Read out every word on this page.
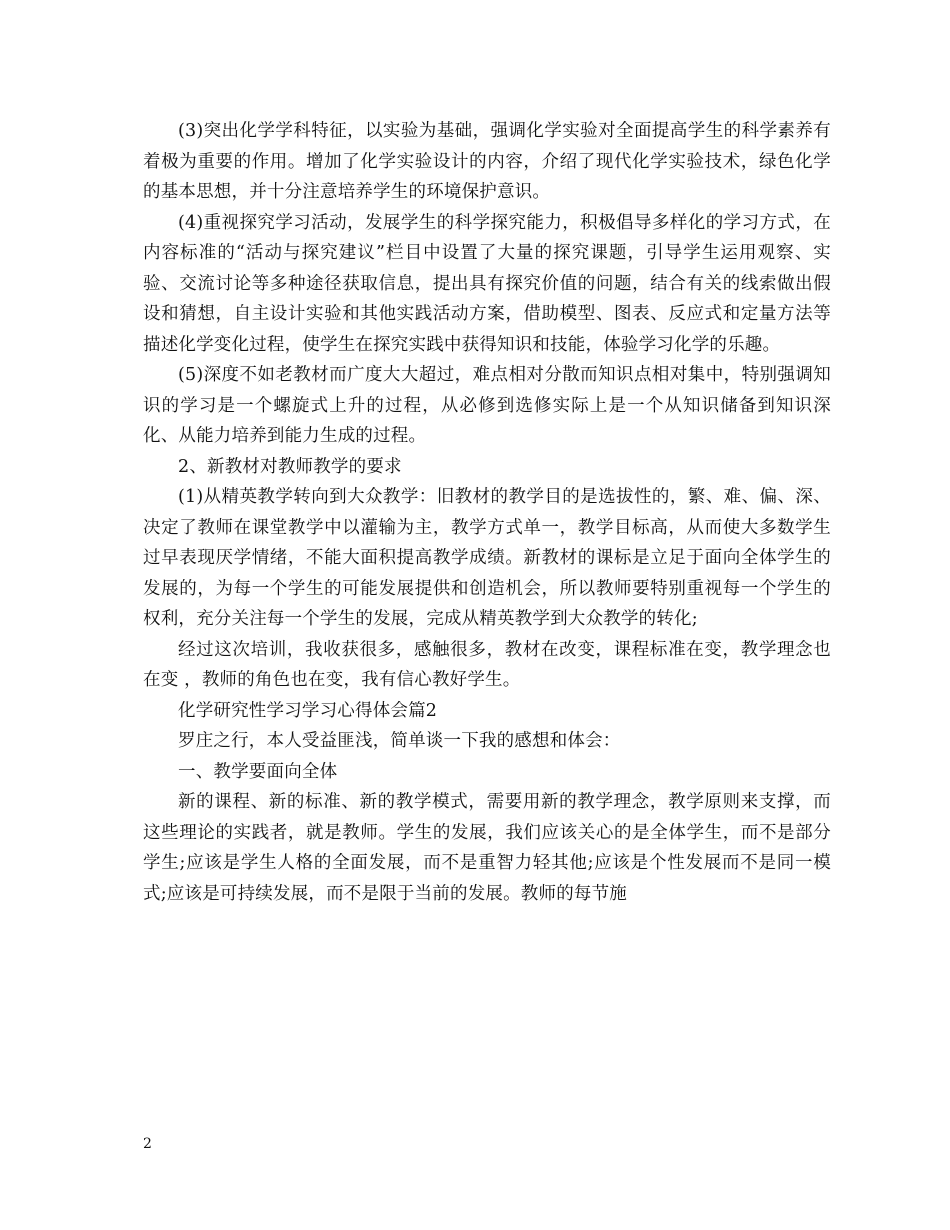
(3)突出化学学科特征，以实验为基础，强调化学实验对全面提高学生的科学素养有着极为重要的作用。增加了化学实验设计的内容，介绍了现代化学实验技术，绿色化学的基本思想，并十分注意培养学生的环境保护意识。

(4)重视探究学习活动，发展学生的科学探究能力，积极倡导多样化的学习方式，在内容标准的“活动与探究建议”栏目中设置了大量的探究课题，引导学生运用观察、实验、交流讨论等多种途径获取信息，提出具有探究价值的问题，结合有关的线索做出假设和猜想，自主设计实验和其他实践活动方案，借助模型、图表、反应式和定量方法等描述化学变化过程，使学生在探究实践中获得知识和技能，体验学习化学的乐趣。

(5)深度不如老教材而广度大大超过，难点相对分散而知识点相对集中，特别强调知识的学习是一个螺旋式上升的过程，从必修到选修实际上是一个从知识储备到知识深化、从能力培养到能力生成的过程。

2、新教材对教师教学的要求

(1)从精英教学转向到大众教学：旧教材的教学目的是选拔性的，繁、难、偏、深、决定了教师在课堂教学中以灌输为主，教学方式单一，教学目标高，从而使大多数学生过早表现厌学情绪，不能大面积提高教学成绩。新教材的课标是立足于面向全体学生的发展的，为每一个学生的可能发展提供和创造机会，所以教师要特别重视每一个学生的权利，充分关注每一个学生的发展，完成从精英教学到大众教学的转化;

经过这次培训，我收获很多，感触很多，教材在改变，课程标准在变，教学理念也在变 ，教师的角色也在变，我有信心教好学生。

化学研究性学习学习心得体会篇2

罗庄之行，本人受益匪浅，简单谈一下我的感想和体会：

一、教学要面向全体

新的课程、新的标准、新的教学模式，需要用新的教学理念，教学原则来支撑，而这些理论的实践者，就是教师。学生的发展，我们应该关心的是全体学生，而不是部分学生;应该是学生人格的全面发展，而不是重智力轻其他;应该是个性发展而不是同一模式;应该是可持续发展，而不是限于当前的发展。教师的每节施

2
